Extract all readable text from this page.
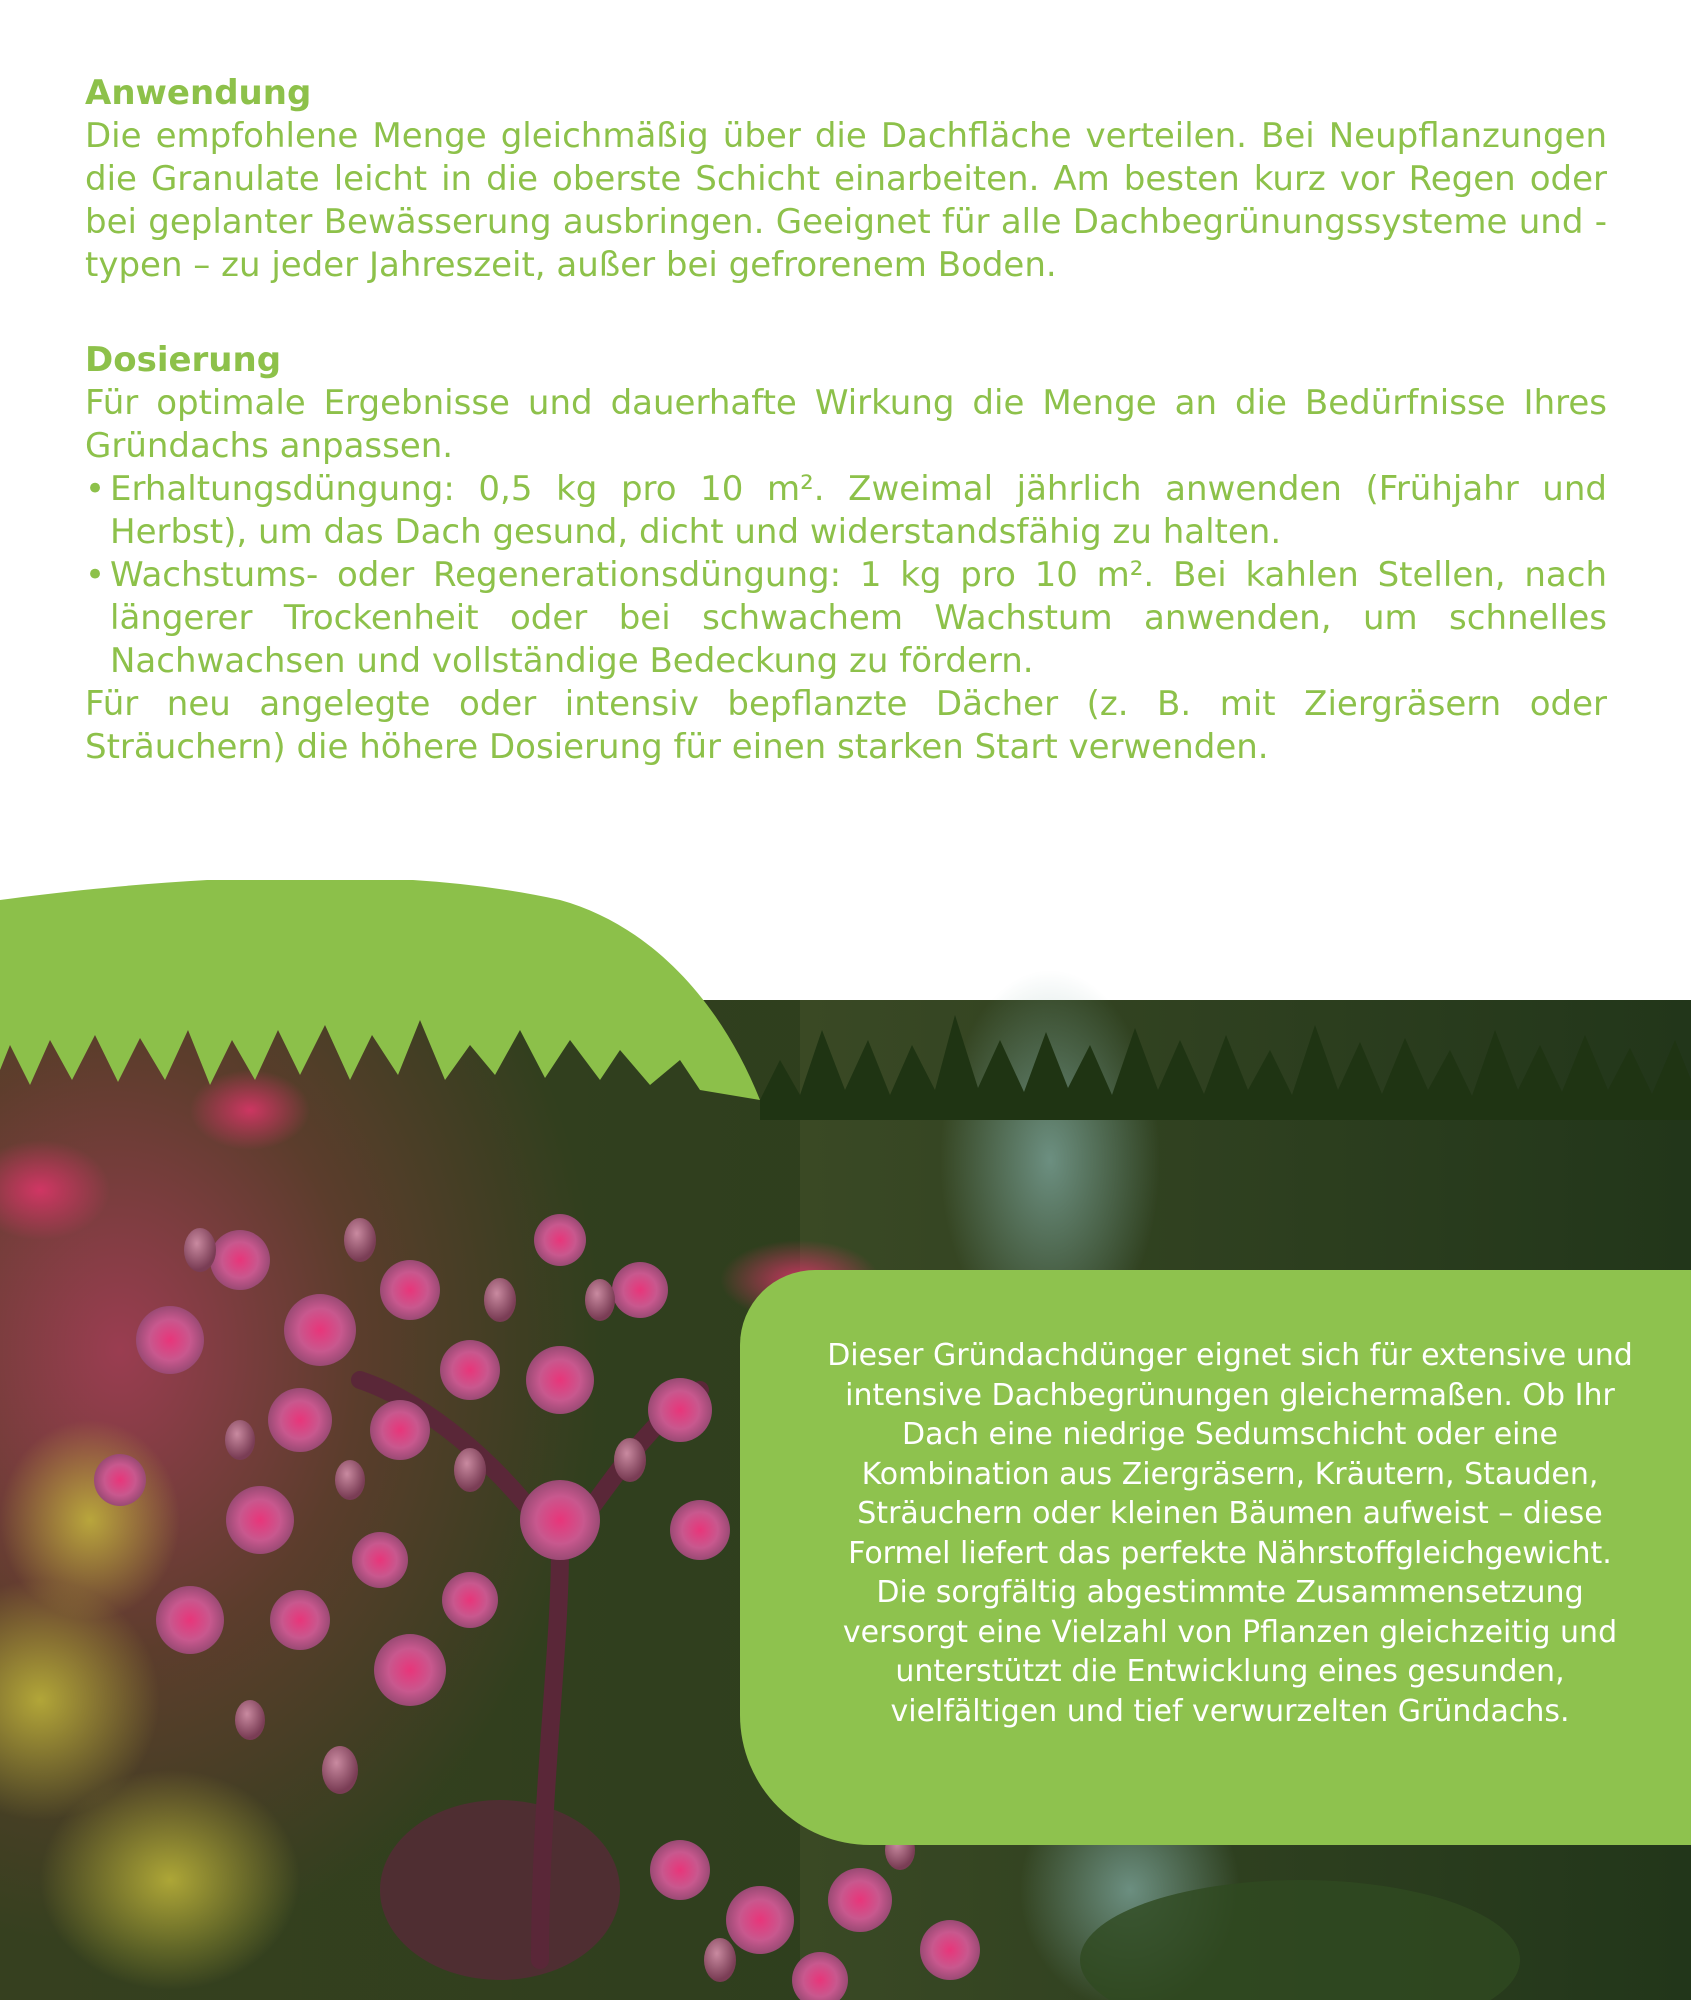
Anwendung

Die empfohlene Menge gleichmäßig über die Dachfläche verteilen. Bei Neupflanzungen die Granulate leicht in die oberste Schicht einarbeiten. Am besten kurz vor Regen oder bei geplanter Bewässerung ausbringen. Geeignet für alle Dachbegrünungssysteme und -typen – zu jeder Jahreszeit, außer bei gefrorenem Boden.

Dosierung

Für optimale Ergebnisse und dauerhafte Wirkung die Menge an die Bedürfnisse Ihres Gründachs anpassen.

• Erhaltungsdüngung: 0,5 kg pro 10 m². Zweimal jährlich anwenden (Frühjahr und Herbst), um das Dach gesund, dicht und widerstandsfähig zu halten.
• Wachstums- oder Regenerationsdüngung: 1 kg pro 10 m². Bei kahlen Stellen, nach längerer Trockenheit oder bei schwachem Wachstum anwenden, um schnelles Nachwachsen und vollständige Bedeckung zu fördern.

Für neu angelegte oder intensiv bepflanzte Dächer (z. B. mit Ziergräsern oder Sträuchern) die höhere Dosierung für einen starken Start verwenden.

Dieser Gründachdünger eignet sich für extensive und intensive Dachbegrünungen gleichermaßen. Ob Ihr Dach eine niedrige Sedumschicht oder eine Kombination aus Ziergräsern, Kräutern, Stauden, Sträuchern oder kleinen Bäumen aufweist – diese Formel liefert das perfekte Nährstoffgleichgewicht. Die sorgfältig abgestimmte Zusammensetzung versorgt eine Vielzahl von Pflanzen gleichzeitig und unterstützt die Entwicklung eines gesunden, vielfältigen und tief verwurzelten Gründachs.
